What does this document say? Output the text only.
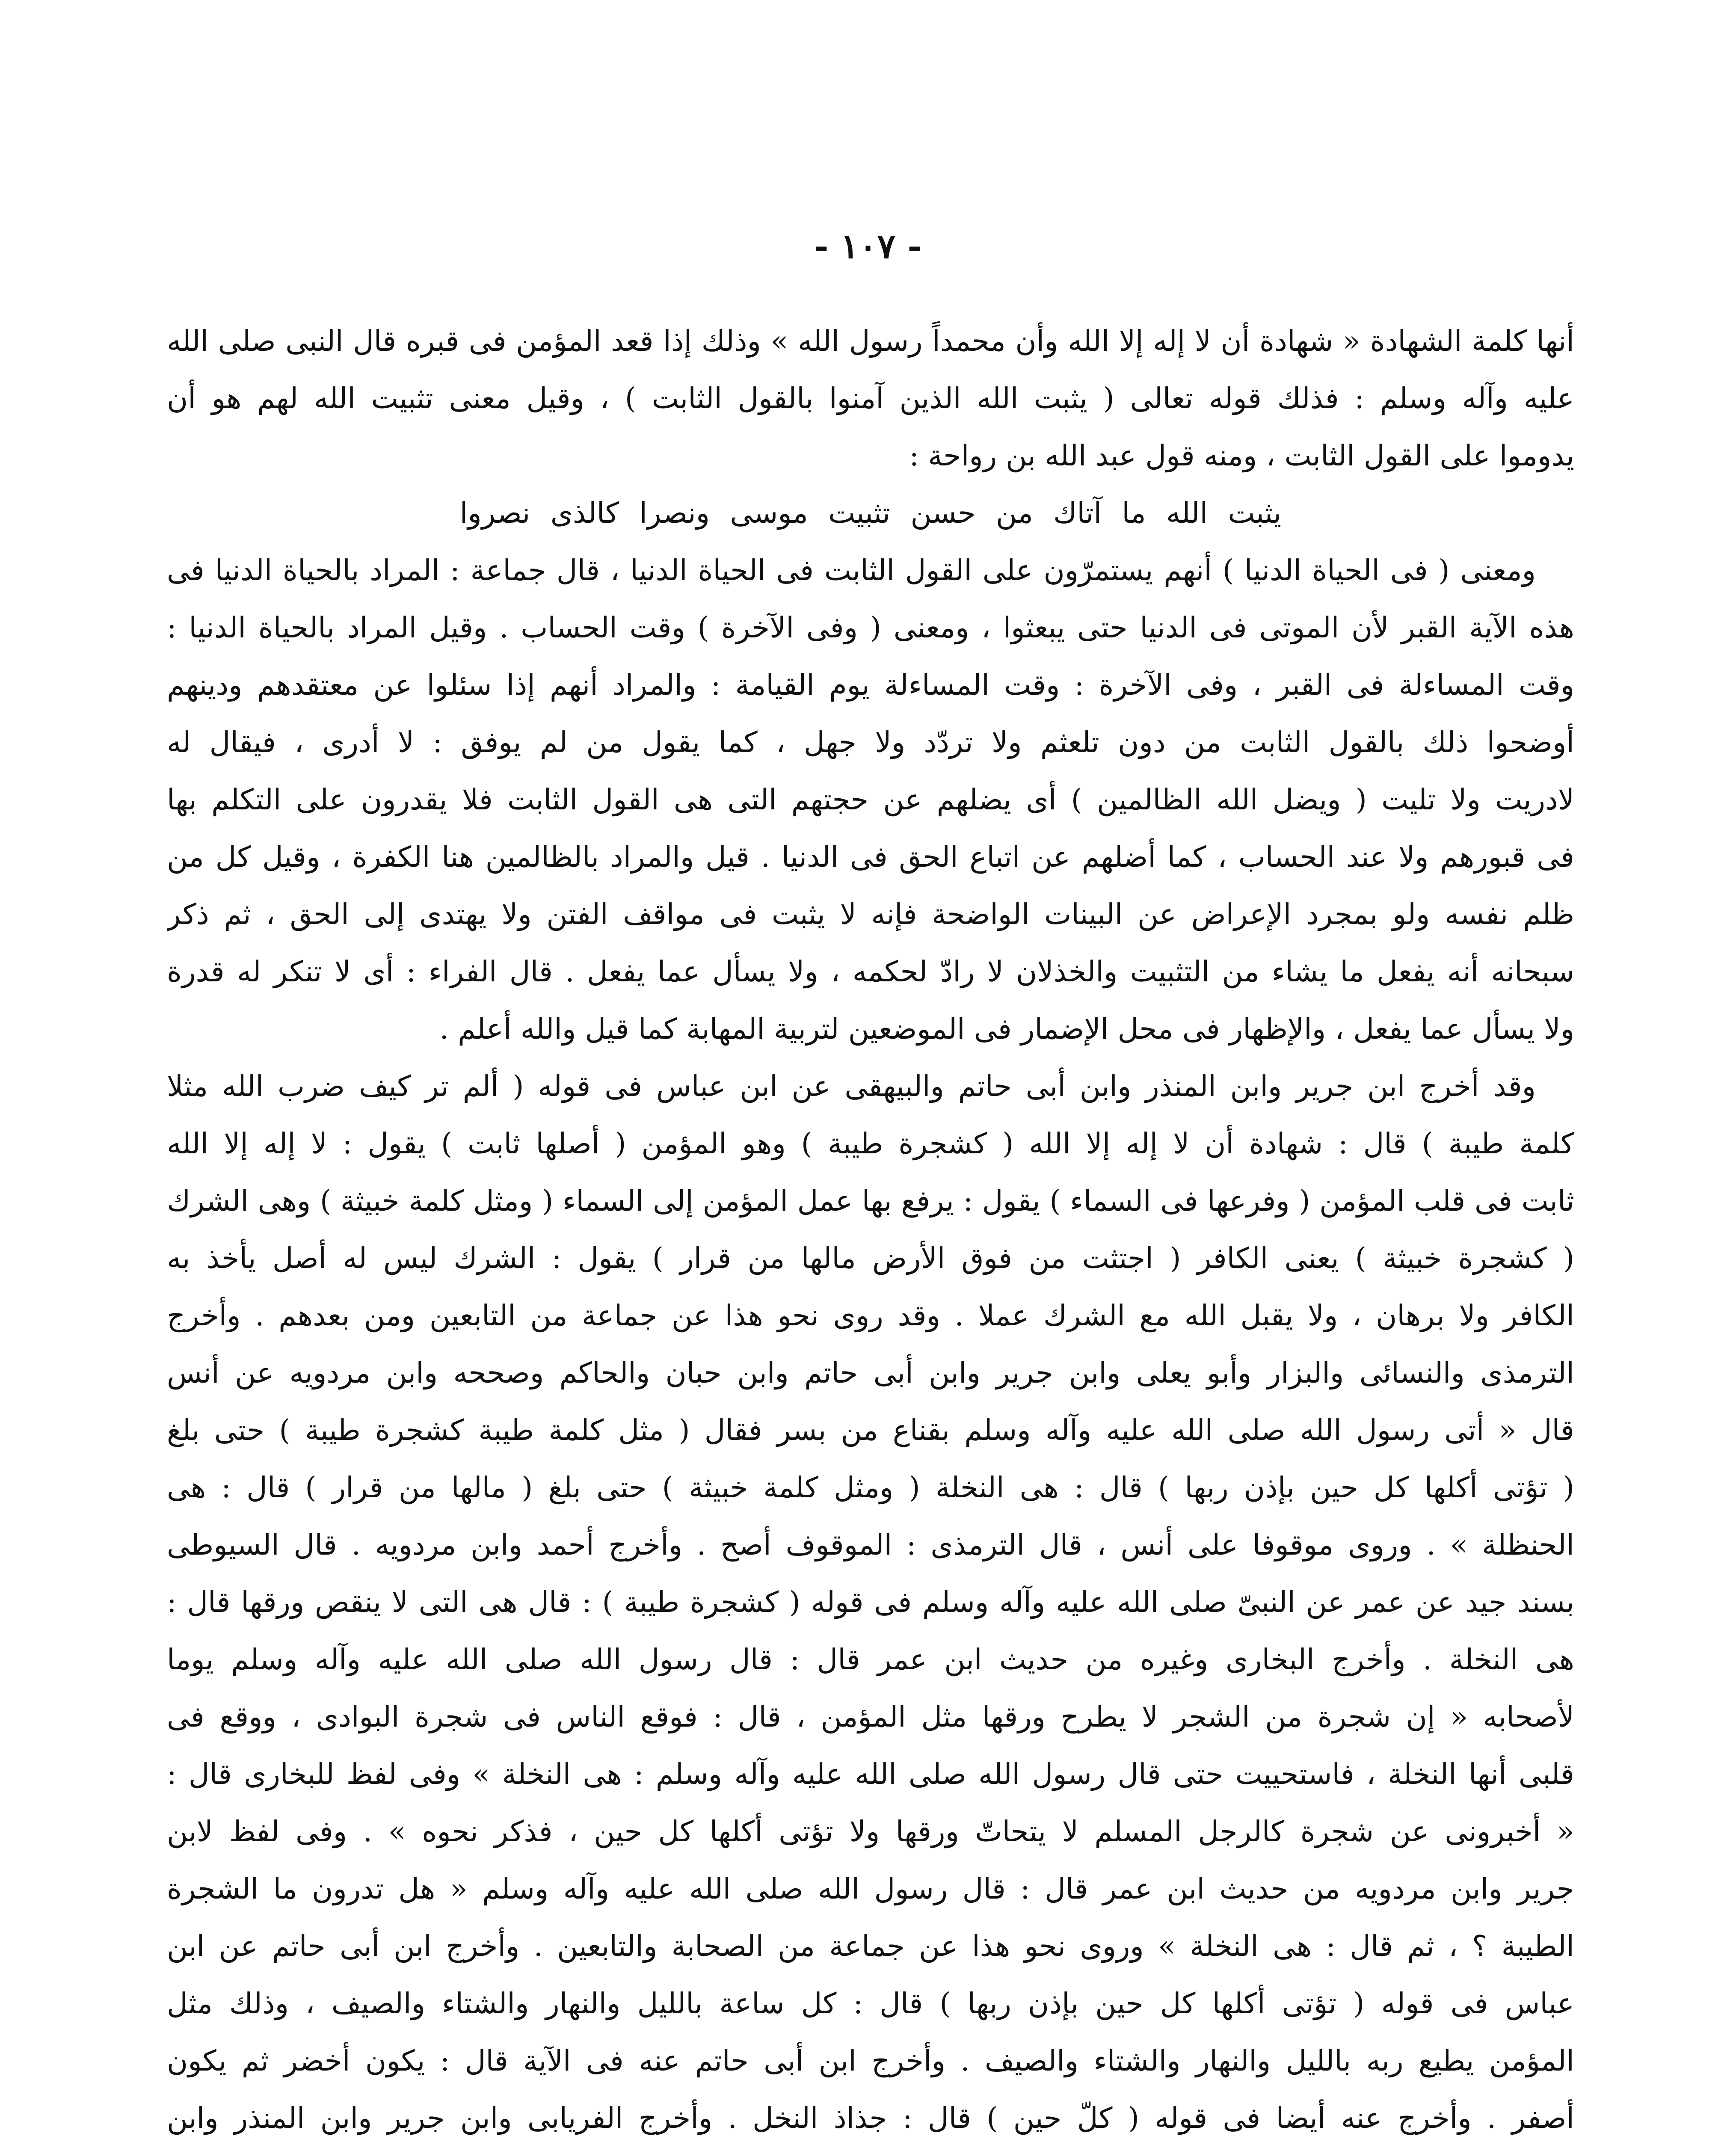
- ١٠٧ -
أنها كلمة الشهادة « شهادة أن لا إله إلا الله وأن محمداً رسول الله » وذلك إذا قعد المؤمن فى قبره قال النبى صلى الله
عليه وآله وسلم : فذلك قوله تعالى ( يثبت الله الذين آمنوا بالقول الثابت ) ، وقيل معنى تثبيت الله لهم هو أن
يدوموا على القول الثابت ، ومنه قول عبد الله بن رواحة :
يثبت الله ما آتاك من حسن تثبيت موسى ونصرا كالذى نصروا
ومعنى ( فى الحياة الدنيا ) أنهم يستمرّون على القول الثابت فى الحياة الدنيا ، قال جماعة : المراد بالحياة الدنيا فى
هذه الآية القبر لأن الموتى فى الدنيا حتى يبعثوا ، ومعنى ( وفى الآخرة ) وقت الحساب . وقيل المراد بالحياة الدنيا :
وقت المساءلة فى القبر ، وفى الآخرة : وقت المساءلة يوم القيامة : والمراد أنهم إذا سئلوا عن معتقدهم ودينهم
أوضحوا ذلك بالقول الثابت من دون تلعثم ولا تردّد ولا جهل ، كما يقول من لم يوفق : لا أدرى ، فيقال له
لادريت ولا تليت ( ويضل الله الظالمين ) أى يضلهم عن حجتهم التى هى القول الثابت فلا يقدرون على التكلم بها
فى قبورهم ولا عند الحساب ، كما أضلهم عن اتباع الحق فى الدنيا . قيل والمراد بالظالمين هنا الكفرة ، وقيل كل من
ظلم نفسه ولو بمجرد الإعراض عن البينات الواضحة فإنه لا يثبت فى مواقف الفتن ولا يهتدى إلى الحق ، ثم ذكر
سبحانه أنه يفعل ما يشاء من التثبيت والخذلان لا رادّ لحكمه ، ولا يسأل عما يفعل . قال الفراء : أى لا تنكر له قدرة
ولا يسأل عما يفعل ، والإظهار فى محل الإضمار فى الموضعين لتربية المهابة كما قيل والله أعلم .
وقد أخرج ابن جرير وابن المنذر وابن أبى حاتم والبيهقى عن ابن عباس فى قوله ( ألم تر كيف ضرب الله مثلا
كلمة طيبة ) قال : شهادة أن لا إله إلا الله ( كشجرة طيبة ) وهو المؤمن ( أصلها ثابت ) يقول : لا إله إلا الله
ثابت فى قلب المؤمن ( وفرعها فى السماء ) يقول : يرفع بها عمل المؤمن إلى السماء ( ومثل كلمة خبيثة ) وهى الشرك
( كشجرة خبيثة ) يعنى الكافر ( اجتثت من فوق الأرض مالها من قرار ) يقول : الشرك ليس له أصل يأخذ به
الكافر ولا برهان ، ولا يقبل الله مع الشرك عملا . وقد روى نحو هذا عن جماعة من التابعين ومن بعدهم . وأخرج
الترمذى والنسائى والبزار وأبو يعلى وابن جرير وابن أبى حاتم وابن حبان والحاكم وصححه وابن مردويه عن أنس
قال « أتى رسول الله صلى الله عليه وآله وسلم بقناع من بسر فقال ( مثل كلمة طيبة كشجرة طيبة ) حتى بلغ
( تؤتى أكلها كل حين بإذن ربها ) قال : هى النخلة ( ومثل كلمة خبيثة ) حتى بلغ ( مالها من قرار ) قال : هى
الحنظلة » . وروى موقوفا على أنس ، قال الترمذى : الموقوف أصح . وأخرج أحمد وابن مردويه . قال السيوطى
بسند جيد عن عمر عن النبىّ صلى الله عليه وآله وسلم فى قوله ( كشجرة طيبة ) : قال هى التى لا ينقص ورقها قال :
هى النخلة . وأخرج البخارى وغيره من حديث ابن عمر قال : قال رسول الله صلى الله عليه وآله وسلم يوما
لأصحابه « إن شجرة من الشجر لا يطرح ورقها مثل المؤمن ، قال : فوقع الناس فى شجرة البوادى ، ووقع فى
قلبى أنها النخلة ، فاستحييت حتى قال رسول الله صلى الله عليه وآله وسلم : هى النخلة » وفى لفظ للبخارى قال :
« أخبرونى عن شجرة كالرجل المسلم لا يتحاتّ ورقها ولا تؤتى أكلها كل حين ، فذكر نحوه » . وفى لفظ لابن
جرير وابن مردويه من حديث ابن عمر قال : قال رسول الله صلى الله عليه وآله وسلم « هل تدرون ما الشجرة
الطيبة ؟ ، ثم قال : هى النخلة » وروى نحو هذا عن جماعة من الصحابة والتابعين . وأخرج ابن أبى حاتم عن ابن
عباس فى قوله ( تؤتى أكلها كل حين بإذن ربها ) قال : كل ساعة بالليل والنهار والشتاء والصيف ، وذلك مثل
المؤمن يطيع ربه بالليل والنهار والشتاء والصيف . وأخرج ابن أبى حاتم عنه فى الآية قال : يكون أخضر ثم يكون
أصفر . وأخرج عنه أيضا فى قوله ( كلّ حين ) قال : جذاذ النخل . وأخرج الفريابى وابن جرير وابن المنذر وابن
